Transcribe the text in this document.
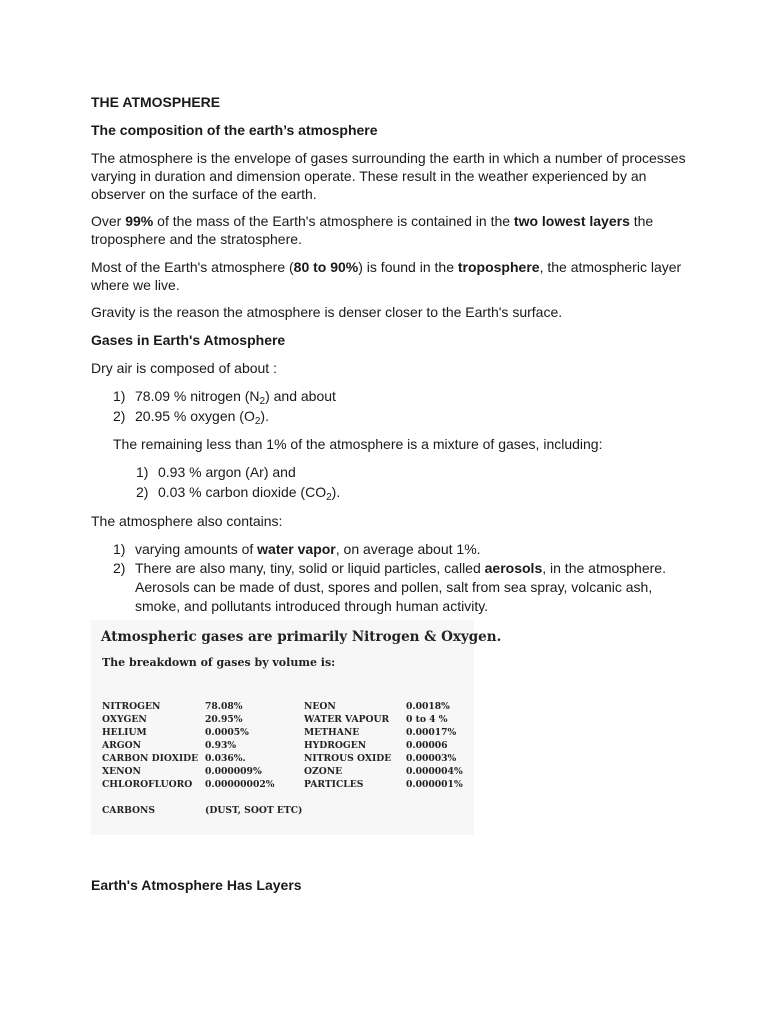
THE ATMOSPHERE

The composition of the earth’s atmosphere

The atmosphere is the envelope of gases surrounding the earth in which a number of processes varying in duration and dimension operate. These result in the weather experienced by an observer on the surface of the earth.

Over 99% of the mass of the Earth's atmosphere is contained in the two lowest layers the troposphere and the stratosphere.

Most of the Earth's atmosphere (80 to 90%) is found in the troposphere, the atmospheric layer where we live.

Gravity is the reason the atmosphere is denser closer to the Earth's surface.

Gases in Earth's Atmosphere

Dry air is composed of about :

1) 78.09 % nitrogen $(N_2)$ and about
2) 20.95 % oxygen $(O_2)$.

The remaining less than 1% of the atmosphere is a mixture of gases, including:

1) 0.93 % argon (Ar) and
2) 0.03 % carbon dioxide $(CO_2)$.

The atmosphere also contains:

1) varying amounts of water vapor, on average about 1%.
2) There are also many, tiny, solid or liquid particles, called aerosols, in the atmosphere. Aerosols can be made of dust, spores and pollen, salt from sea spray, volcanic ash, smoke, and pollutants introduced through human activity.
Atmospheric gases are primarily Nitrogen & Oxygen.
The breakdown of gases by volume is:
NITROGEN	78.08%	NEON	0.0018%
OXYGEN	20.95%	WATER VAPOUR 0 to 4 %
HELIUM	0.0005%	METHANE	0.00017%
ARGON	0.93%	HYDROGEN	0.00006
CARBON DIOXIDE 0.036%.	NITROUS OXIDE 0.00003%
XENON	0.000009%	OZONE	0.000004%
CHLOROFLUORO 0.00000002%	PARTICLES	0.000001%
CARBONS	(DUST, SOOT ETC)

Earth's Atmosphere Has Layers
